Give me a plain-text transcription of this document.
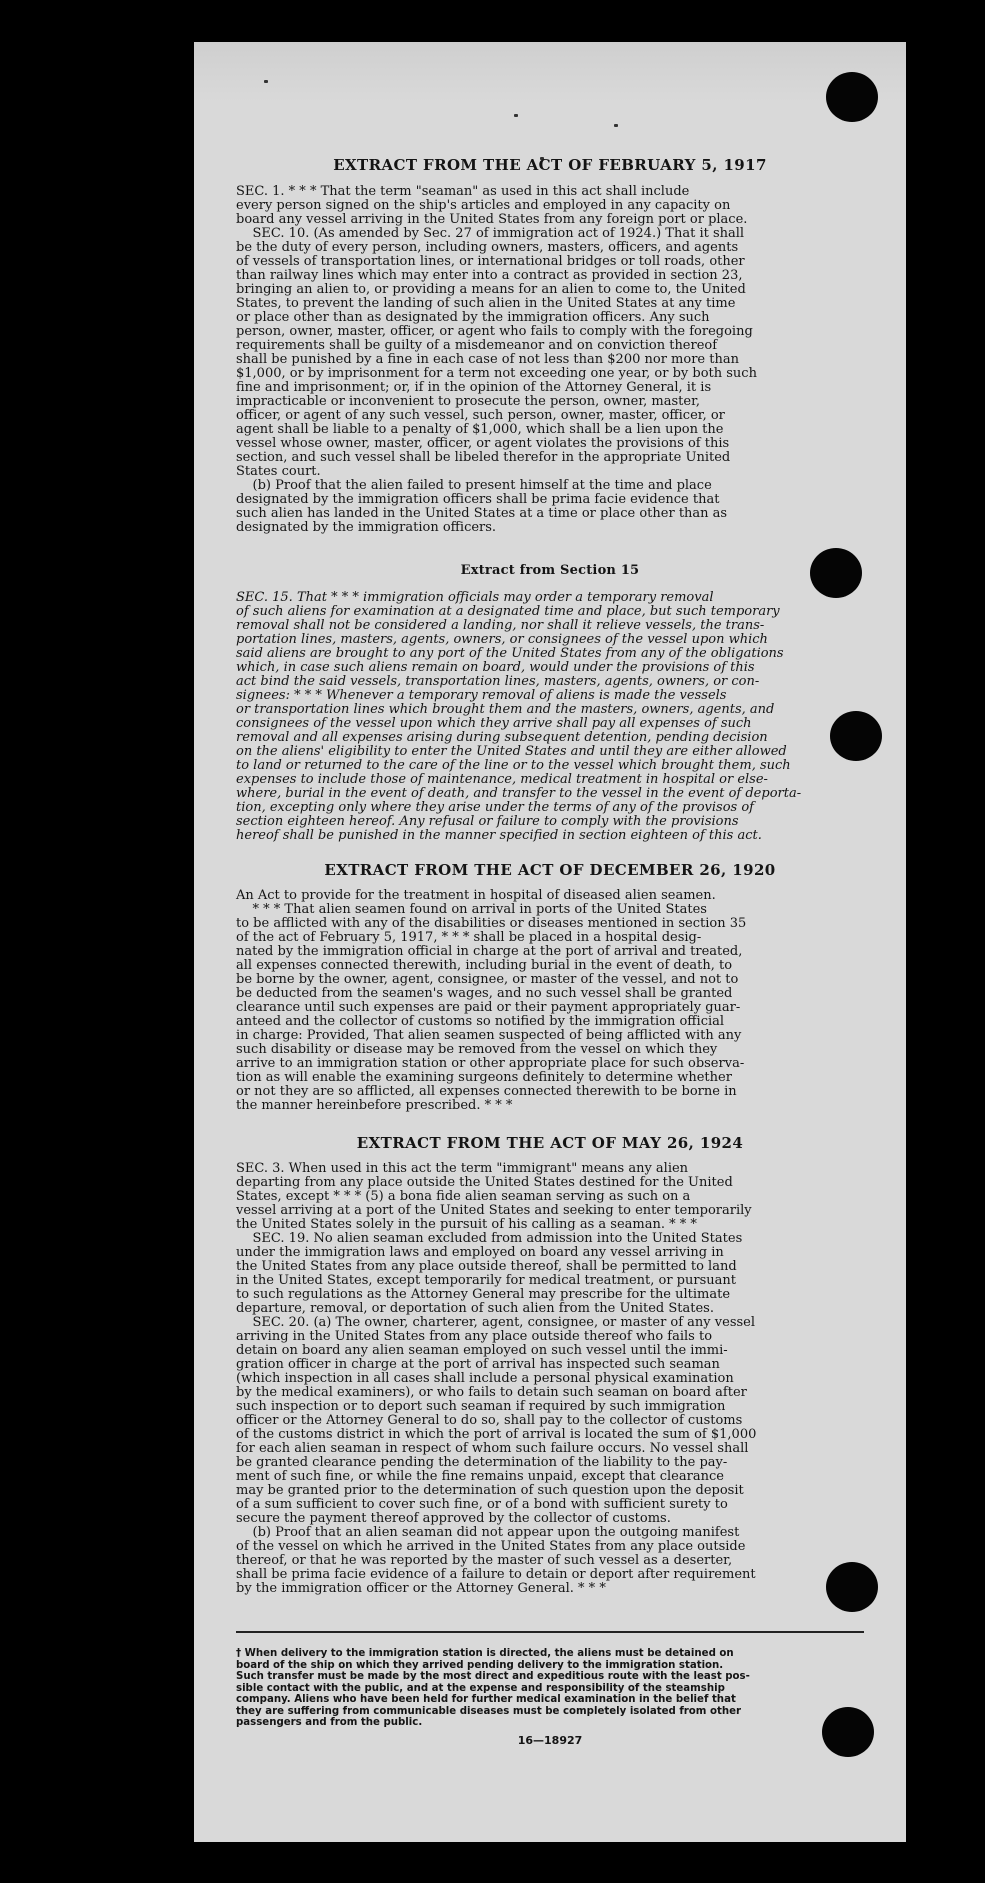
EXTRACT FROM THE ACT OF FEBRUARY 5, 1917

SEC. 1. * * * That the term "seaman" as used in this act shall include
every person signed on the ship's articles and employed in any capacity on
board any vessel arriving in the United States from any foreign port or place.
SEC. 10. (As amended by Sec. 27 of immigration act of 1924.) That it shall
be the duty of every person, including owners, masters, officers, and agents
of vessels of transportation lines, or international bridges or toll roads, other
than railway lines which may enter into a contract as provided in section 23,
bringing an alien to, or providing a means for an alien to come to, the United
States, to prevent the landing of such alien in the United States at any time
or place other than as designated by the immigration officers. Any such
person, owner, master, officer, or agent who fails to comply with the foregoing
requirements shall be guilty of a misdemeanor and on conviction thereof
shall be punished by a fine in each case of not less than $200 nor more than
$1,000, or by imprisonment for a term not exceeding one year, or by both such
fine and imprisonment; or, if in the opinion of the Attorney General, it is
impracticable or inconvenient to prosecute the person, owner, master,
officer, or agent of any such vessel, such person, owner, master, officer, or
agent shall be liable to a penalty of $1,000, which shall be a lien upon the
vessel whose owner, master, officer, or agent violates the provisions of this
section, and such vessel shall be libeled therefor in the appropriate United
States court.
(b) Proof that the alien failed to present himself at the time and place
designated by the immigration officers shall be prima facie evidence that
such alien has landed in the United States at a time or place other than as
designated by the immigration officers.

Extract from Section 15

SEC. 15. That * * * immigration officials may order a temporary removal
of such aliens for examination at a designated time and place, but such temporary
removal shall not be considered a landing, nor shall it relieve vessels, the trans-
portation lines, masters, agents, owners, or consignees of the vessel upon which
said aliens are brought to any port of the United States from any of the obligations
which, in case such aliens remain on board, would under the provisions of this
act bind the said vessels, transportation lines, masters, agents, owners, or con-
signees: * * * Whenever a temporary removal of aliens is made the vessels
or transportation lines which brought them and the masters, owners, agents, and
consignees of the vessel upon which they arrive shall pay all expenses of such
removal and all expenses arising during subsequent detention, pending decision
on the aliens' eligibility to enter the United States and until they are either allowed
to land or returned to the care of the line or to the vessel which brought them, such
expenses to include those of maintenance, medical treatment in hospital or else-
where, burial in the event of death, and transfer to the vessel in the event of deporta-
tion, excepting only where they arise under the terms of any of the provisos of
section eighteen hereof. Any refusal or failure to comply with the provisions
hereof shall be punished in the manner specified in section eighteen of this act.

EXTRACT FROM THE ACT OF DECEMBER 26, 1920

An Act to provide for the treatment in hospital of diseased alien seamen.
* * * That alien seamen found on arrival in ports of the United States
to be afflicted with any of the disabilities or diseases mentioned in section 35
of the act of February 5, 1917, * * * shall be placed in a hospital desig-
nated by the immigration official in charge at the port of arrival and treated,
all expenses connected therewith, including burial in the event of death, to
be borne by the owner, agent, consignee, or master of the vessel, and not to
be deducted from the seamen's wages, and no such vessel shall be granted
clearance until such expenses are paid or their payment appropriately guar-
anteed and the collector of customs so notified by the immigration official
in charge: Provided, That alien seamen suspected of being afflicted with any
such disability or disease may be removed from the vessel on which they
arrive to an immigration station or other appropriate place for such observa-
tion as will enable the examining surgeons definitely to determine whether
or not they are so afflicted, all expenses connected therewith to be borne in
the manner hereinbefore prescribed. * * *

EXTRACT FROM THE ACT OF MAY 26, 1924

SEC. 3. When used in this act the term "immigrant" means any alien
departing from any place outside the United States destined for the United
States, except * * * (5) a bona fide alien seaman serving as such on a
vessel arriving at a port of the United States and seeking to enter temporarily
the United States solely in the pursuit of his calling as a seaman. * * *
SEC. 19. No alien seaman excluded from admission into the United States
under the immigration laws and employed on board any vessel arriving in
the United States from any place outside thereof, shall be permitted to land
in the United States, except temporarily for medical treatment, or pursuant
to such regulations as the Attorney General may prescribe for the ultimate
departure, removal, or deportation of such alien from the United States.
SEC. 20. (a) The owner, charterer, agent, consignee, or master of any vessel
arriving in the United States from any place outside thereof who fails to
detain on board any alien seaman employed on such vessel until the immi-
gration officer in charge at the port of arrival has inspected such seaman
(which inspection in all cases shall include a personal physical examination
by the medical examiners), or who fails to detain such seaman on board after
such inspection or to deport such seaman if required by such immigration
officer or the Attorney General to do so, shall pay to the collector of customs
of the customs district in which the port of arrival is located the sum of $1,000
for each alien seaman in respect of whom such failure occurs. No vessel shall
be granted clearance pending the determination of the liability to the pay-
ment of such fine, or while the fine remains unpaid, except that clearance
may be granted prior to the determination of such question upon the deposit
of a sum sufficient to cover such fine, or of a bond with sufficient surety to
secure the payment thereof approved by the collector of customs.
(b) Proof that an alien seaman did not appear upon the outgoing manifest
of the vessel on which he arrived in the United States from any place outside
thereof, or that he was reported by the master of such vessel as a deserter,
shall be prima facie evidence of a failure to detain or deport after requirement
by the immigration officer or the Attorney General. * * *

† When delivery to the immigration station is directed, the aliens must be detained on
board of the ship on which they arrived pending delivery to the immigration station.
Such transfer must be made by the most direct and expeditious route with the least pos-
sible contact with the public, and at the expense and responsibility of the steamship
company. Aliens who have been held for further medical examination in the belief that
they are suffering from communicable diseases must be completely isolated from other
passengers and from the public.

16—18927
